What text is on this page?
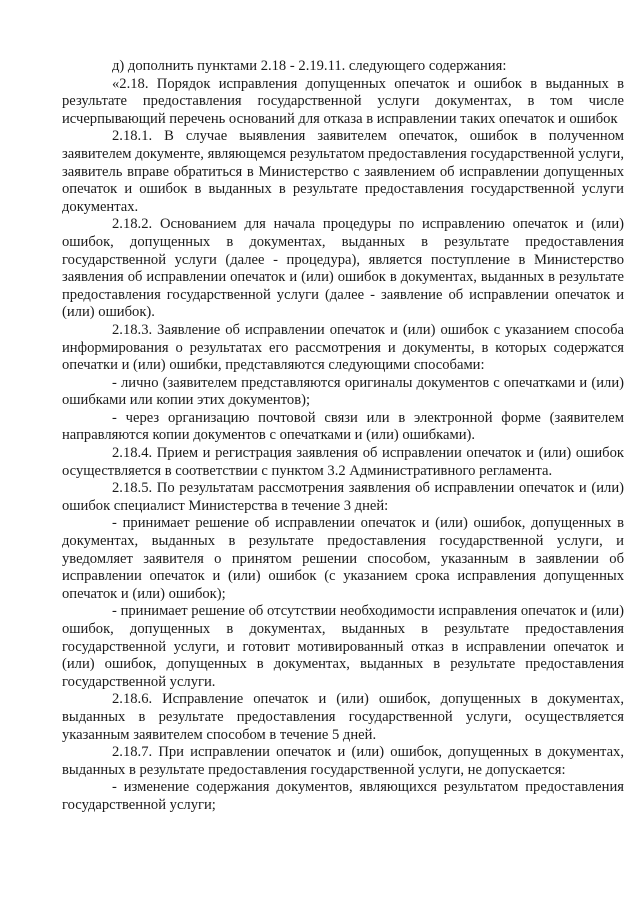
д) дополнить пунктами 2.18 - 2.19.11. следующего содержания:

«2.18. Порядок исправления допущенных опечаток и ошибок в выданных в результате предоставления государственной услуги документах, в том числе исчерпывающий перечень оснований для отказа в исправлении таких опечаток и ошибок

2.18.1. В случае выявления заявителем опечаток, ошибок в полученном заявителем документе, являющемся результатом предоставления государственной услуги, заявитель вправе обратиться в Министерство с заявлением об исправлении допущенных опечаток и ошибок в выданных в результате предоставления государственной услуги документах.

2.18.2. Основанием для начала процедуры по исправлению опечаток и (или) ошибок, допущенных в документах, выданных в результате предоставления государственной услуги (далее - процедура), является поступление в Министерство заявления об исправлении опечаток и (или) ошибок в документах, выданных в результате предоставления государственной услуги (далее - заявление об исправлении опечаток и (или) ошибок).

2.18.3. Заявление об исправлении опечаток и (или) ошибок с указанием способа информирования о результатах его рассмотрения и документы, в которых содержатся опечатки и (или) ошибки, представляются следующими способами:

- лично (заявителем представляются оригиналы документов с опечатками и (или) ошибками или копии этих документов);

- через организацию почтовой связи или в электронной форме (заявителем направляются копии документов с опечатками и (или) ошибками).

2.18.4. Прием и регистрация заявления об исправлении опечаток и (или) ошибок осуществляется в соответствии с пунктом 3.2 Административного регламента.

2.18.5. По результатам рассмотрения заявления об исправлении опечаток и (или) ошибок специалист Министерства в течение 3 дней:

- принимает решение об исправлении опечаток и (или) ошибок, допущенных в документах, выданных в результате предоставления государственной услуги, и уведомляет заявителя о принятом решении способом, указанным в заявлении об исправлении опечаток и (или) ошибок (с указанием срока исправления допущенных опечаток и (или) ошибок);

- принимает решение об отсутствии необходимости исправления опечаток и (или) ошибок, допущенных в документах, выданных в результате предоставления государственной услуги, и готовит мотивированный отказ в исправлении опечаток и (или) ошибок, допущенных в документах, выданных в результате предоставления государственной услуги.

2.18.6. Исправление опечаток и (или) ошибок, допущенных в документах, выданных в результате предоставления государственной услуги, осуществляется указанным заявителем способом в течение 5 дней.

2.18.7. При исправлении опечаток и (или) ошибок, допущенных в документах, выданных в результате предоставления государственной услуги, не допускается:

- изменение содержания документов, являющихся результатом предоставления государственной услуги;
